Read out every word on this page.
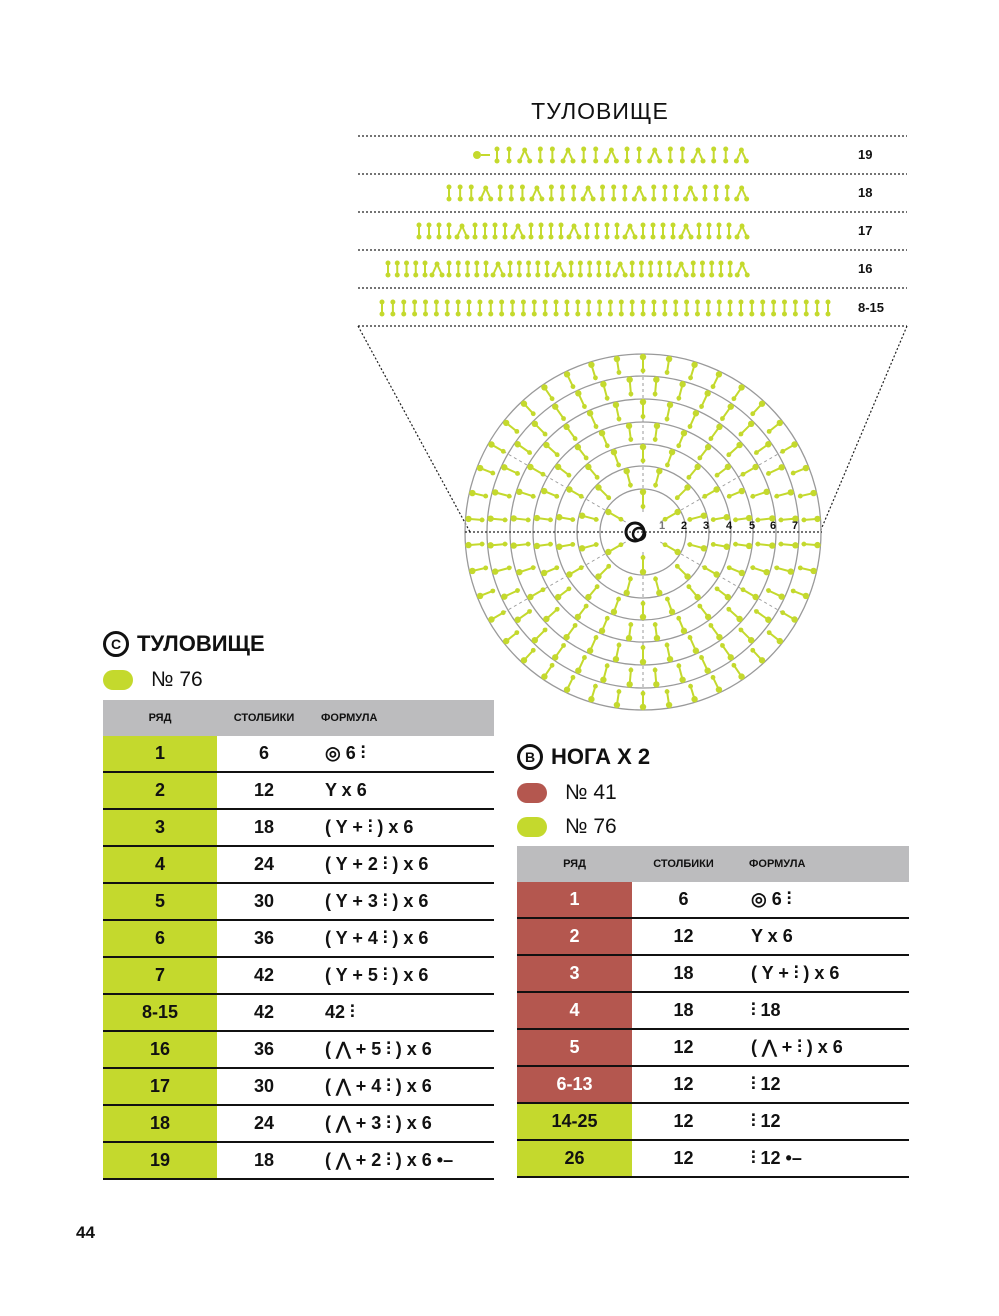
1 2 3 4 5 6 7
ТУЛОВИЩЕ
19
18
17
16
8-15
C ТУЛОВИЩЕ
№ 76
РЯД	СТОЛБИКИ	ФОРМУЛА
1	6	◎ 6 ⫶
2	12	Y x 6
3	18	( Y + ⫶ ) x 6
4	24	( Y + 2 ⫶ ) x 6
5	30	( Y + 3 ⫶ ) x 6
6	36	( Y + 4 ⫶ ) x 6
7	42	( Y + 5 ⫶ ) x 6
8-15	42	42 ⫶
16	36	( ⋀ + 5 ⫶ ) x 6
17	30	( ⋀ + 4 ⫶ ) x 6
18	24	( ⋀ + 3 ⫶ ) x 6
19	18	( ⋀ + 2 ⫶ ) x 6 •–
B НОГА Х 2
№ 41
№ 76
РЯД	СТОЛБИКИ	ФОРМУЛА
1	6	◎ 6 ⫶
2	12	Y x 6
3	18	( Y + ⫶ ) x 6
4	18	⫶ 18
5	12	( ⋀ + ⫶ ) x 6
6-13	12	⫶ 12
14-25	12	⫶ 12
26	12	⫶ 12 •–
44
